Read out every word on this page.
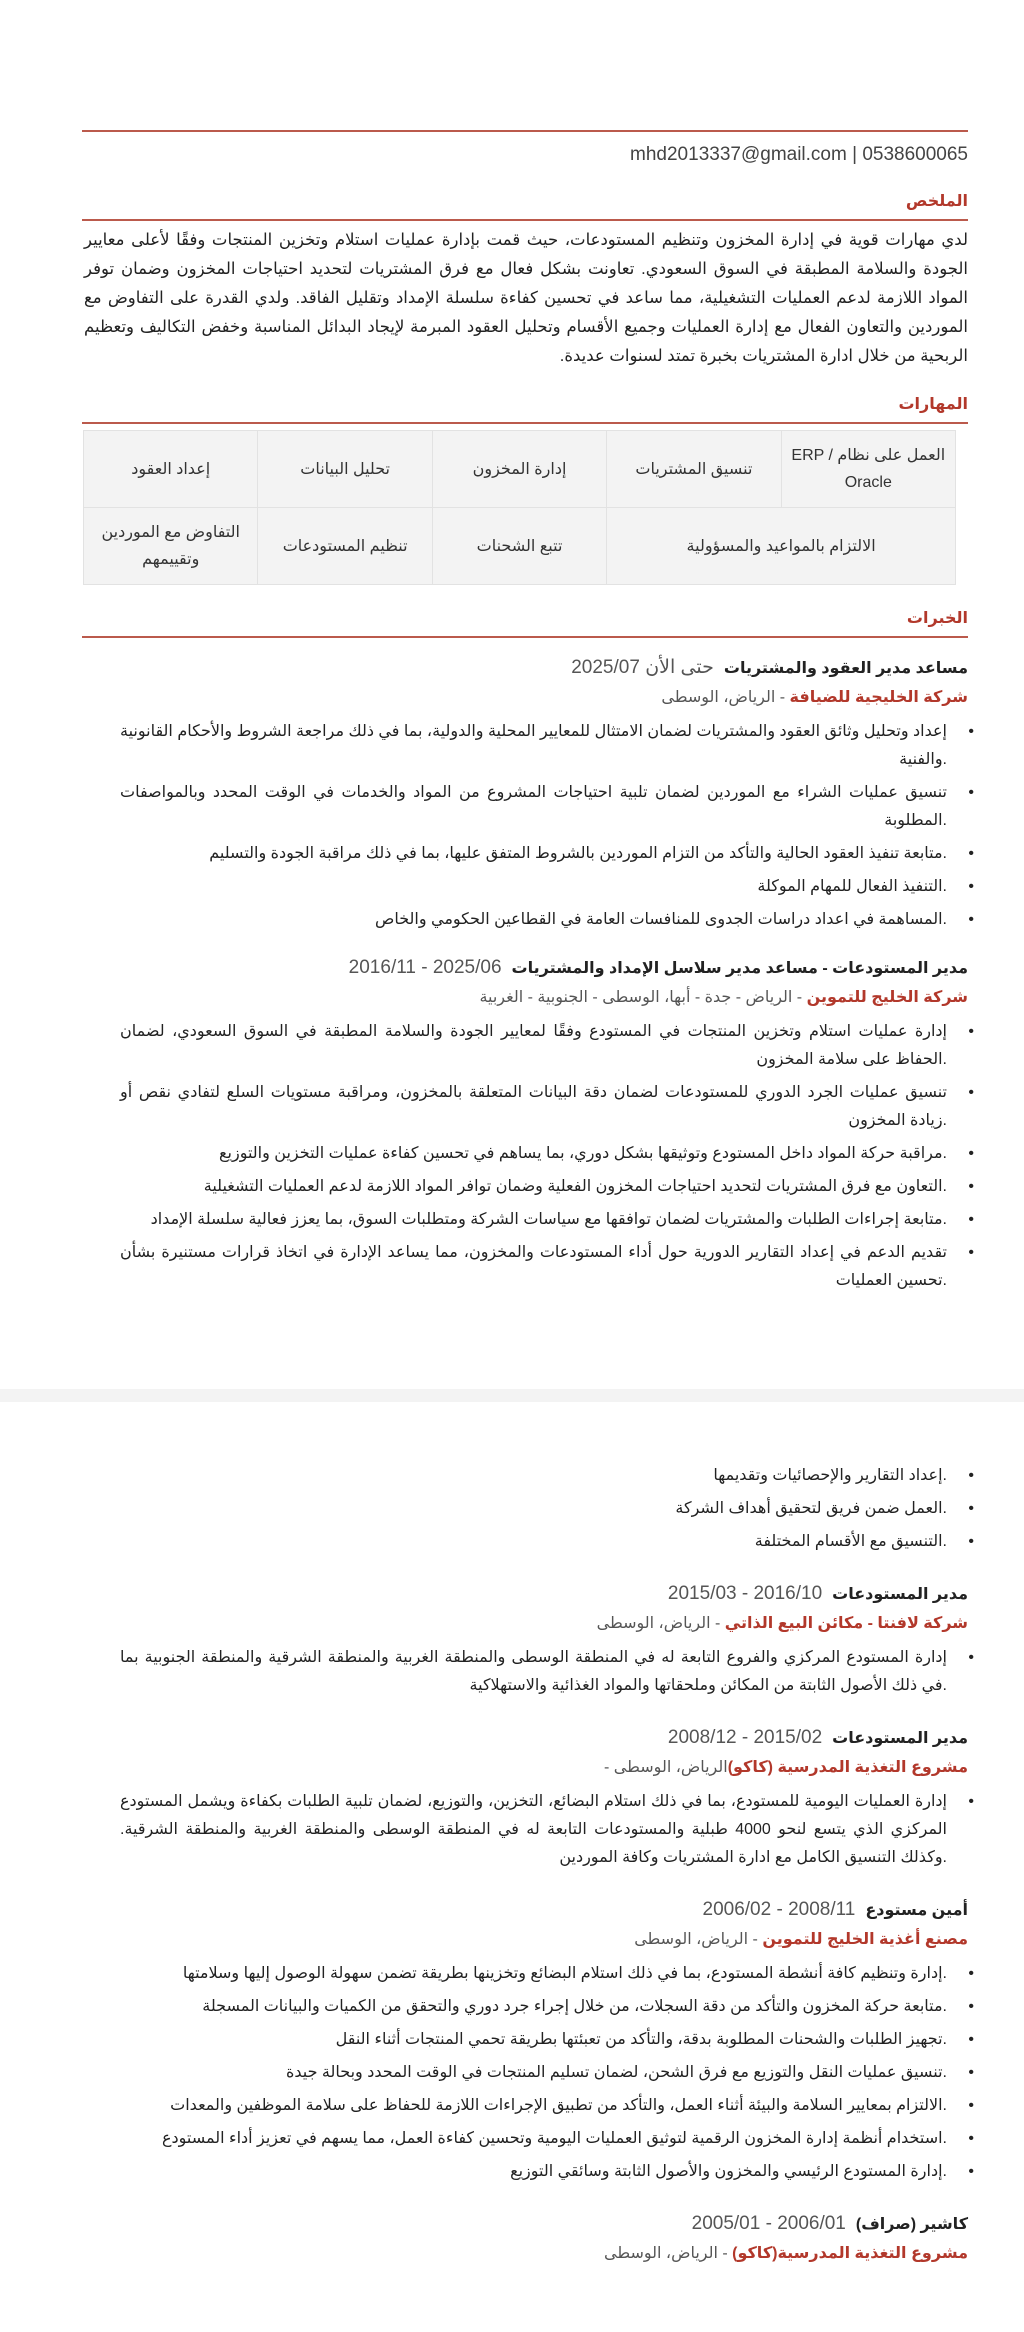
mhd2013337@gmail.com | 0538600065
الملخص
لدي مهارات قوية في إدارة المخزون وتنظيم المستودعات، حيث قمت بإدارة عمليات استلام وتخزين المنتجات وفقًا لأعلى معايير الجودة والسلامة المطبقة في السوق السعودي. تعاونت بشكل فعال مع فرق المشتريات لتحديد احتياجات المخزون وضمان توفر المواد اللازمة لدعم العمليات التشغيلية، مما ساعد في تحسين كفاءة سلسلة الإمداد وتقليل الفاقد. ولدي القدرة على التفاوض مع الموردين والتعاون الفعال مع إدارة العمليات وجميع الأقسام وتحليل العقود المبرمة لإيجاد البدائل المناسبة وخفض التكاليف وتعظيم الربحية من خلال ادارة المشتريات بخبرة تمتد لسنوات عديدة.
المهارات
العمل على نظام ERP / Oracle	تنسيق المشتريات	إدارة المخزون	تحليل البيانات	إعداد العقود
الالتزام بالمواعيد والمسؤولية		تتبع الشحنات	تنظيم المستودعات	التفاوض مع الموردين وتقييمهم
الخبرات
مساعد مدير العقود والمشتريات2025/07 حتى الأن
شركة الخليجية للضيافة - الرياض، الوسطى
• إعداد وتحليل وثائق العقود والمشتريات لضمان الامتثال للمعايير المحلية والدولية، بما في ذلك مراجعة الشروط والأحكام القانونية والفنية.
• تنسيق عمليات الشراء مع الموردين لضمان تلبية احتياجات المشروع من المواد والخدمات في الوقت المحدد وبالمواصفات المطلوبة.
• متابعة تنفيذ العقود الحالية والتأكد من التزام الموردين بالشروط المتفق عليها، بما في ذلك مراقبة الجودة والتسليم.
• التنفيذ الفعال للمهام الموكلة.
• المساهمة في اعداد دراسات الجدوى للمنافسات العامة في القطاعين الحكومي والخاص.
مدير المستودعات - مساعد مدير سلاسل الإمداد والمشتريات2016/11 - 2025/06
شركة الخليج للتموين - الرياض - جدة - أبها، الوسطى - الجنوبية - الغربية
• إدارة عمليات استلام وتخزين المنتجات في المستودع وفقًا لمعايير الجودة والسلامة المطبقة في السوق السعودي، لضمان الحفاظ على سلامة المخزون.
• تنسيق عمليات الجرد الدوري للمستودعات لضمان دقة البيانات المتعلقة بالمخزون، ومراقبة مستويات السلع لتفادي نقص أو زيادة المخزون.
• مراقبة حركة المواد داخل المستودع وتوثيقها بشكل دوري، بما يساهم في تحسين كفاءة عمليات التخزين والتوزيع.
• التعاون مع فرق المشتريات لتحديد احتياجات المخزون الفعلية وضمان توافر المواد اللازمة لدعم العمليات التشغيلية.
• متابعة إجراءات الطلبات والمشتريات لضمان توافقها مع سياسات الشركة ومتطلبات السوق، بما يعزز فعالية سلسلة الإمداد.
• تقديم الدعم في إعداد التقارير الدورية حول أداء المستودعات والمخزون، مما يساعد الإدارة في اتخاذ قرارات مستنيرة بشأن تحسين العمليات.
• إعداد التقارير والإحصائيات وتقديمها.
• العمل ضمن فريق لتحقيق أهداف الشركة.
• التنسيق مع الأقسام المختلفة.
مدير المستودعات2015/03 - 2016/10
شركة لافنتا - مكائن البيع الذاتي - الرياض، الوسطى
• إدارة المستودع المركزي والفروع التابعة له في المنطقة الوسطى والمنطقة الغربية والمنطقة الشرقية والمنطقة الجنوبية بما في ذلك الأصول الثابتة من المكائن وملحقاتها والمواد الغذائية والاستهلاكية.
مدير المستودعات2008/12 - 2015/02
مشروع التغذية المدرسية (كاكو)الرياض، الوسطى -
• إدارة العمليات اليومية للمستودع، بما في ذلك استلام البضائع، التخزين، والتوزيع، لضمان تلبية الطلبات بكفاءة ويشمل المستودع المركزي الذي يتسع لنحو 4000 طبلية والمستودعات التابعة له في المنطقة الوسطى والمنطقة الغربية والمنطقة الشرقية. وكذلك التنسيق الكامل مع ادارة المشتريات وكافة الموردين.
أمين مستودع2006/02 - 2008/11
مصنع أغذية الخليج للتموين - الرياض، الوسطى
• إدارة وتنظيم كافة أنشطة المستودع، بما في ذلك استلام البضائع وتخزينها بطريقة تضمن سهولة الوصول إليها وسلامتها.
• متابعة حركة المخزون والتأكد من دقة السجلات، من خلال إجراء جرد دوري والتحقق من الكميات والبيانات المسجلة.
• تجهيز الطلبات والشحنات المطلوبة بدقة، والتأكد من تعبئتها بطريقة تحمي المنتجات أثناء النقل.
• تنسيق عمليات النقل والتوزيع مع فرق الشحن، لضمان تسليم المنتجات في الوقت المحدد وبحالة جيدة.
• الالتزام بمعايير السلامة والبيئة أثناء العمل، والتأكد من تطبيق الإجراءات اللازمة للحفاظ على سلامة الموظفين والمعدات.
• استخدام أنظمة إدارة المخزون الرقمية لتوثيق العمليات اليومية وتحسين كفاءة العمل، مما يسهم في تعزيز أداء المستودع.
• إدارة المستودع الرئيسي والمخزون والأصول الثابتة وسائقي التوزيع.
كاشير (صراف)2005/01 - 2006/01
مشروع التغذية المدرسية(كاكو) - الرياض، الوسطى
